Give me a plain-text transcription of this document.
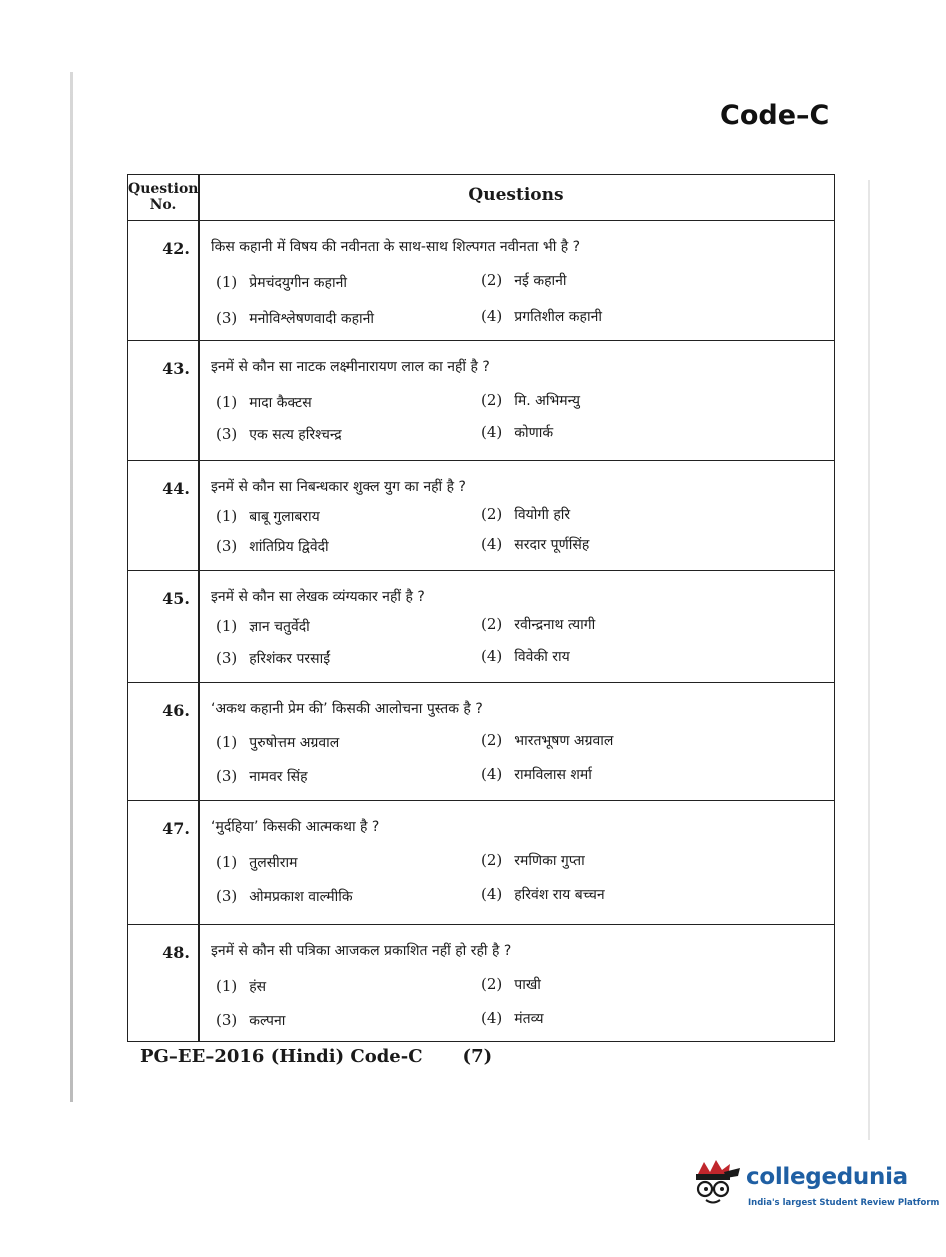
Code–C
Question No.	Questions
42. किस कहानी में विषय की नवीनता के साथ-साथ शिल्पगत नवीनता भी है ?
(1) प्रेमचंदयुगीन कहानी	(2) नई कहानी
(3) मनोविश्लेषणवादी कहानी	(4) प्रगतिशील कहानी
43. इनमें से कौन सा नाटक लक्ष्मीनारायण लाल का नहीं है ?
(1) मादा कैक्टस	(2) मि. अभिमन्यु
(3) एक सत्य हरिश्चन्द्र	(4) कोणार्क
44. इनमें से कौन सा निबन्धकार शुक्ल युग का नहीं है ?
(1) बाबू गुलाबराय	(2) वियोगी हरि
(3) शांतिप्रिय द्विवेदी	(4) सरदार पूर्णसिंह
45. इनमें से कौन सा लेखक व्यंग्यकार नहीं है ?
(1) ज्ञान चतुर्वेदी	(2) रवीन्द्रनाथ त्यागी
(3) हरिशंकर परसाईं	(4) विवेकी राय
46. ‘अकथ कहानी प्रेम की’ किसकी आलोचना पुस्तक है ?
(1) पुरुषोत्तम अग्रवाल	(2) भारतभूषण अग्रवाल
(3) नामवर सिंह	(4) रामविलास शर्मा
47. ‘मुर्दहिया’ किसकी आत्मकथा है ?
(1) तुलसीराम	(2) रमणिका गुप्ता
(3) ओमप्रकाश वाल्मीकि	(4) हरिवंश राय बच्चन
48. इनमें से कौन सी पत्रिका आजकल प्रकाशित नहीं हो रही है ?
(1) हंस	(2) पाखी
(3) कल्पना	(4) मंतव्य
PG–EE–2016 (Hindi) Code-C (7)
collegedunia
India's largest Student Review Platform
